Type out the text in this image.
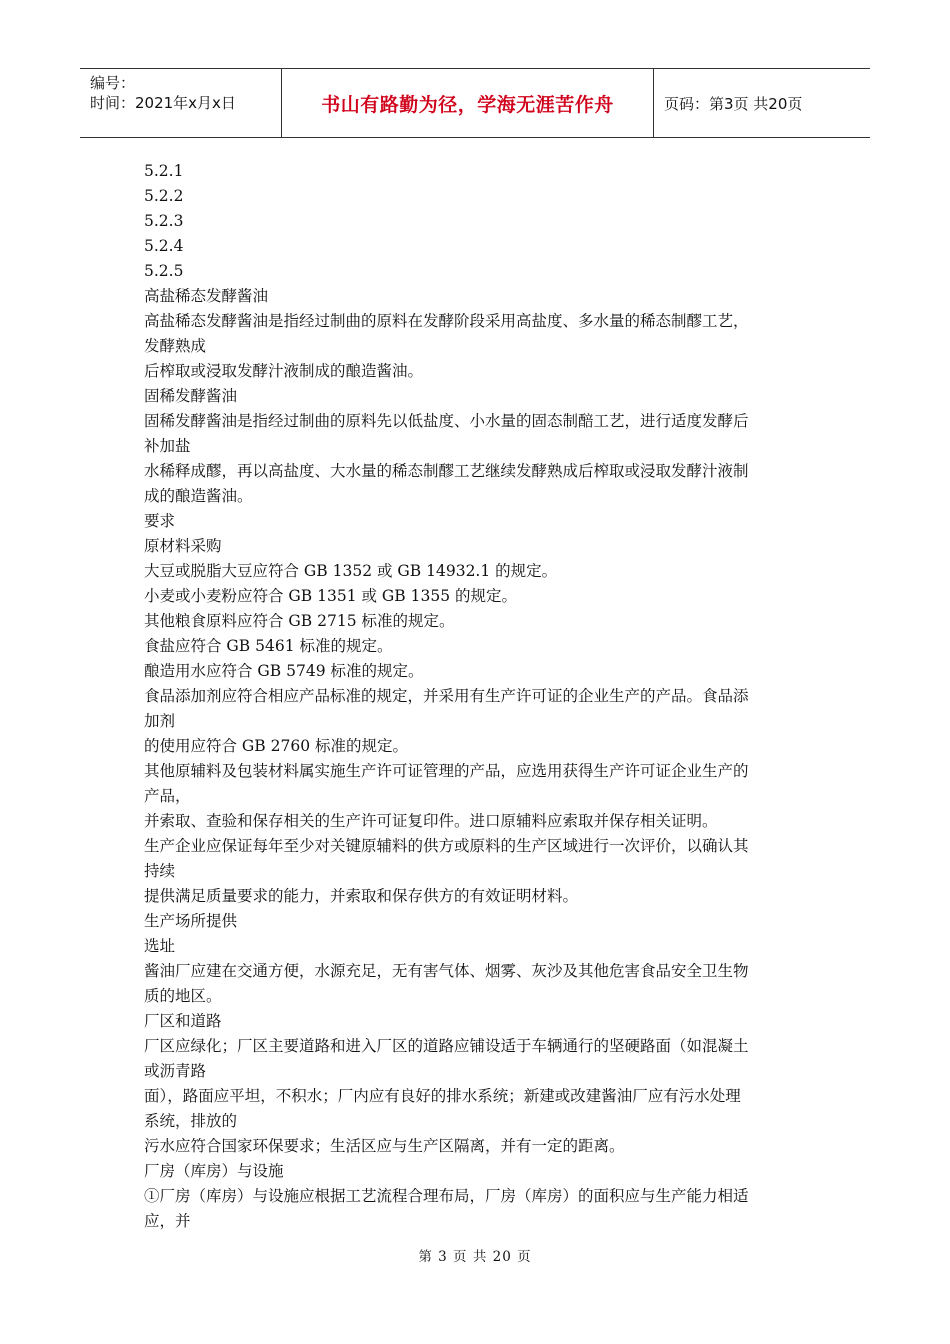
编号：
时间：2021年x月x日	书山有路勤为径，学海无涯苦作舟	页码：第3页 共20页
5.2.1
5.2.2
5.2.3
5.2.4
5.2.5
高盐稀态发酵酱油
高盐稀态发酵酱油是指经过制曲的原料在发酵阶段采用高盐度、多水量的稀态制醪工艺，
发酵熟成
后榨取或浸取发酵汁液制成的酿造酱油。
固稀发酵酱油
固稀发酵酱油是指经过制曲的原料先以低盐度、小水量的固态制醅工艺，进行适度发酵后
补加盐
水稀释成醪，再以高盐度、大水量的稀态制醪工艺继续发酵熟成后榨取或浸取发酵汁液制
成的酿造酱油。
要求
原材料采购
大豆或脱脂大豆应符合 GB 1352 或 GB 14932.1 的规定。
小麦或小麦粉应符合 GB 1351 或 GB 1355 的规定。
其他粮食原料应符合 GB 2715 标准的规定。
食盐应符合 GB 5461 标准的规定。
酿造用水应符合 GB 5749 标准的规定。
食品添加剂应符合相应产品标准的规定，并采用有生产许可证的企业生产的产品。食品添
加剂
的使用应符合 GB 2760 标准的规定。
其他原辅料及包装材料属实施生产许可证管理的产品，应选用获得生产许可证企业生产的
产品，
并索取、查验和保存相关的生产许可证复印件。进口原辅料应索取并保存相关证明。
生产企业应保证每年至少对关键原辅料的供方或原料的生产区域进行一次评价，以确认其
持续
提供满足质量要求的能力，并索取和保存供方的有效证明材料。
生产场所提供
选址
酱油厂应建在交通方便，水源充足，无有害气体、烟雾、灰沙及其他危害食品安全卫生物
质的地区。
厂区和道路
厂区应绿化；厂区主要道路和进入厂区的道路应铺设适于车辆通行的坚硬路面（如混凝土
或沥青路
面），路面应平坦，不积水；厂内应有良好的排水系统；新建或改建酱油厂应有污水处理
系统，排放的
污水应符合国家环保要求；生活区应与生产区隔离，并有一定的距离。
厂房（库房）与设施
①厂房（库房）与设施应根据工艺流程合理布局，厂房（库房）的面积应与生产能力相适
应，并
第 3 页 共 20 页
